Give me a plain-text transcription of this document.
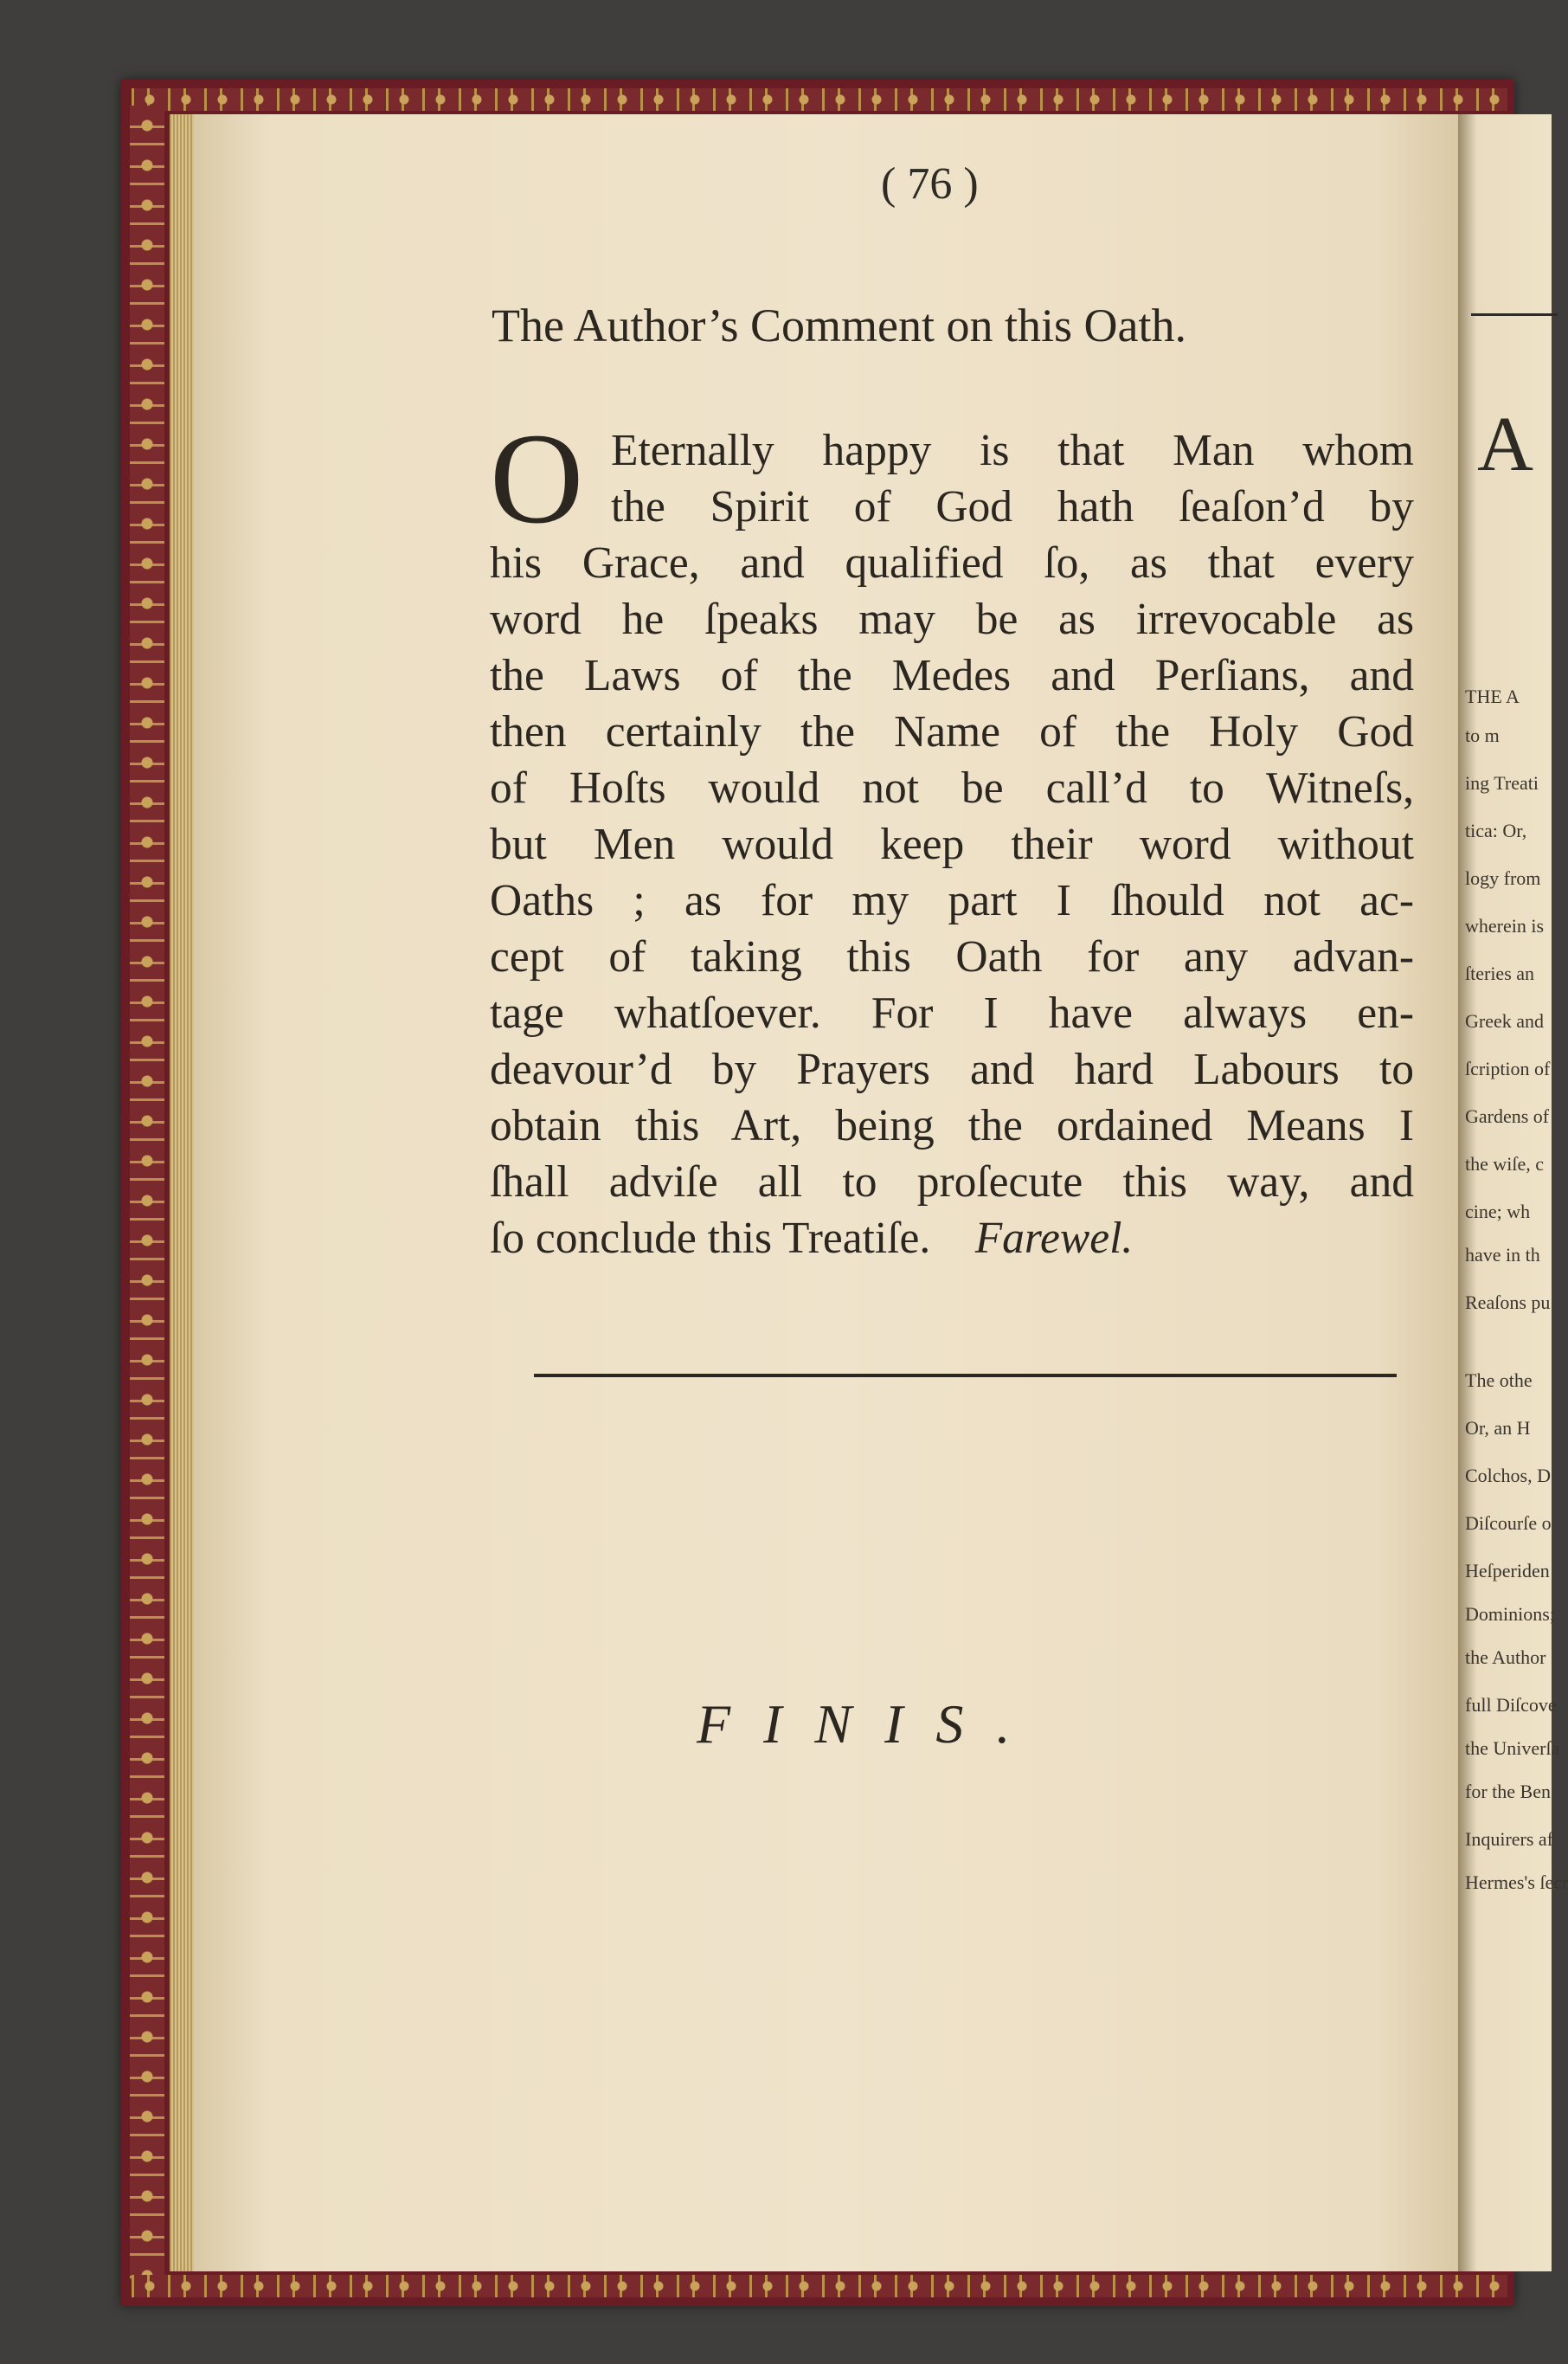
A
THE A
to m
ing Treati
tica: Or,
logy from
wherein is
ſteries an
Greek and
ſcription of
Gardens of
the wiſe, c
cine; wh
have in th
Reaſons pu
The othe
Or, an H
Colchos, D
Diſcourſe o
Heſperiden
Dominions;
the Author
full Diſcove
the Univerſa
for the Ben
Inquirers af
Hermes's ſecr
( 76 )
The Author’s Comment on this Oath.
O Eternally happy is that Man whom
the Spirit of God hath ſeaſon’d by
his Grace, and qualified ſo, as that every
word he ſpeaks may be as irrevocable as
the Laws of the Medes and Perſians, and
then certainly the Name of the Holy God
of Hoſts would not be call’d to Witneſs,
but Men would keep their word without
Oaths ; as for my part I ſhould not ac-
cept of taking this Oath for any advan-
tage whatſoever. For I have always en-
deavour’d by Prayers and hard Labours to
obtain this Art, being the ordained Means I
ſhall adviſe all to proſecute this way, and
ſo conclude this Treatiſe. Farewel.
FINIS.
